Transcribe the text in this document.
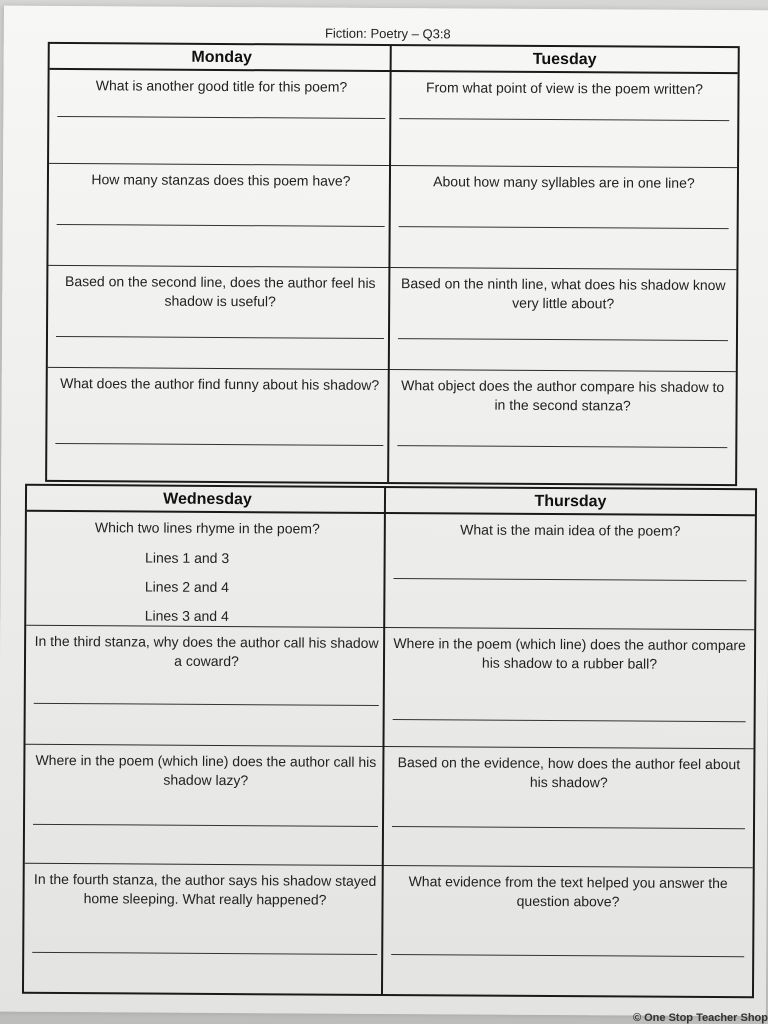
Fiction: Poetry – Q3:8
Monday
What is another good title for this poem?
How many stanzas does this poem have?
Based on the second line, does the author feel his shadow is useful?
What does the author find funny about his shadow?
Tuesday
From what point of view is the poem written?
About how many syllables are in one line?
Based on the ninth line, what does his shadow know very little about?
What object does the author compare his shadow to in the second stanza?
Wednesday
Which two lines rhyme in the poem?
Lines 1 and 3
Lines 2 and 4
Lines 3 and 4
In the third stanza, why does the author call his shadow a coward?
Where in the poem (which line) does the author call his shadow lazy?
In the fourth stanza, the author says his shadow stayed home sleeping. What really happened?
Thursday
What is the main idea of the poem?
Where in the poem (which line) does the author compare his shadow to a rubber ball?
Based on the evidence, how does the author feel about his shadow?
What evidence from the text helped you answer the question above?
© One Stop Teacher Shop
